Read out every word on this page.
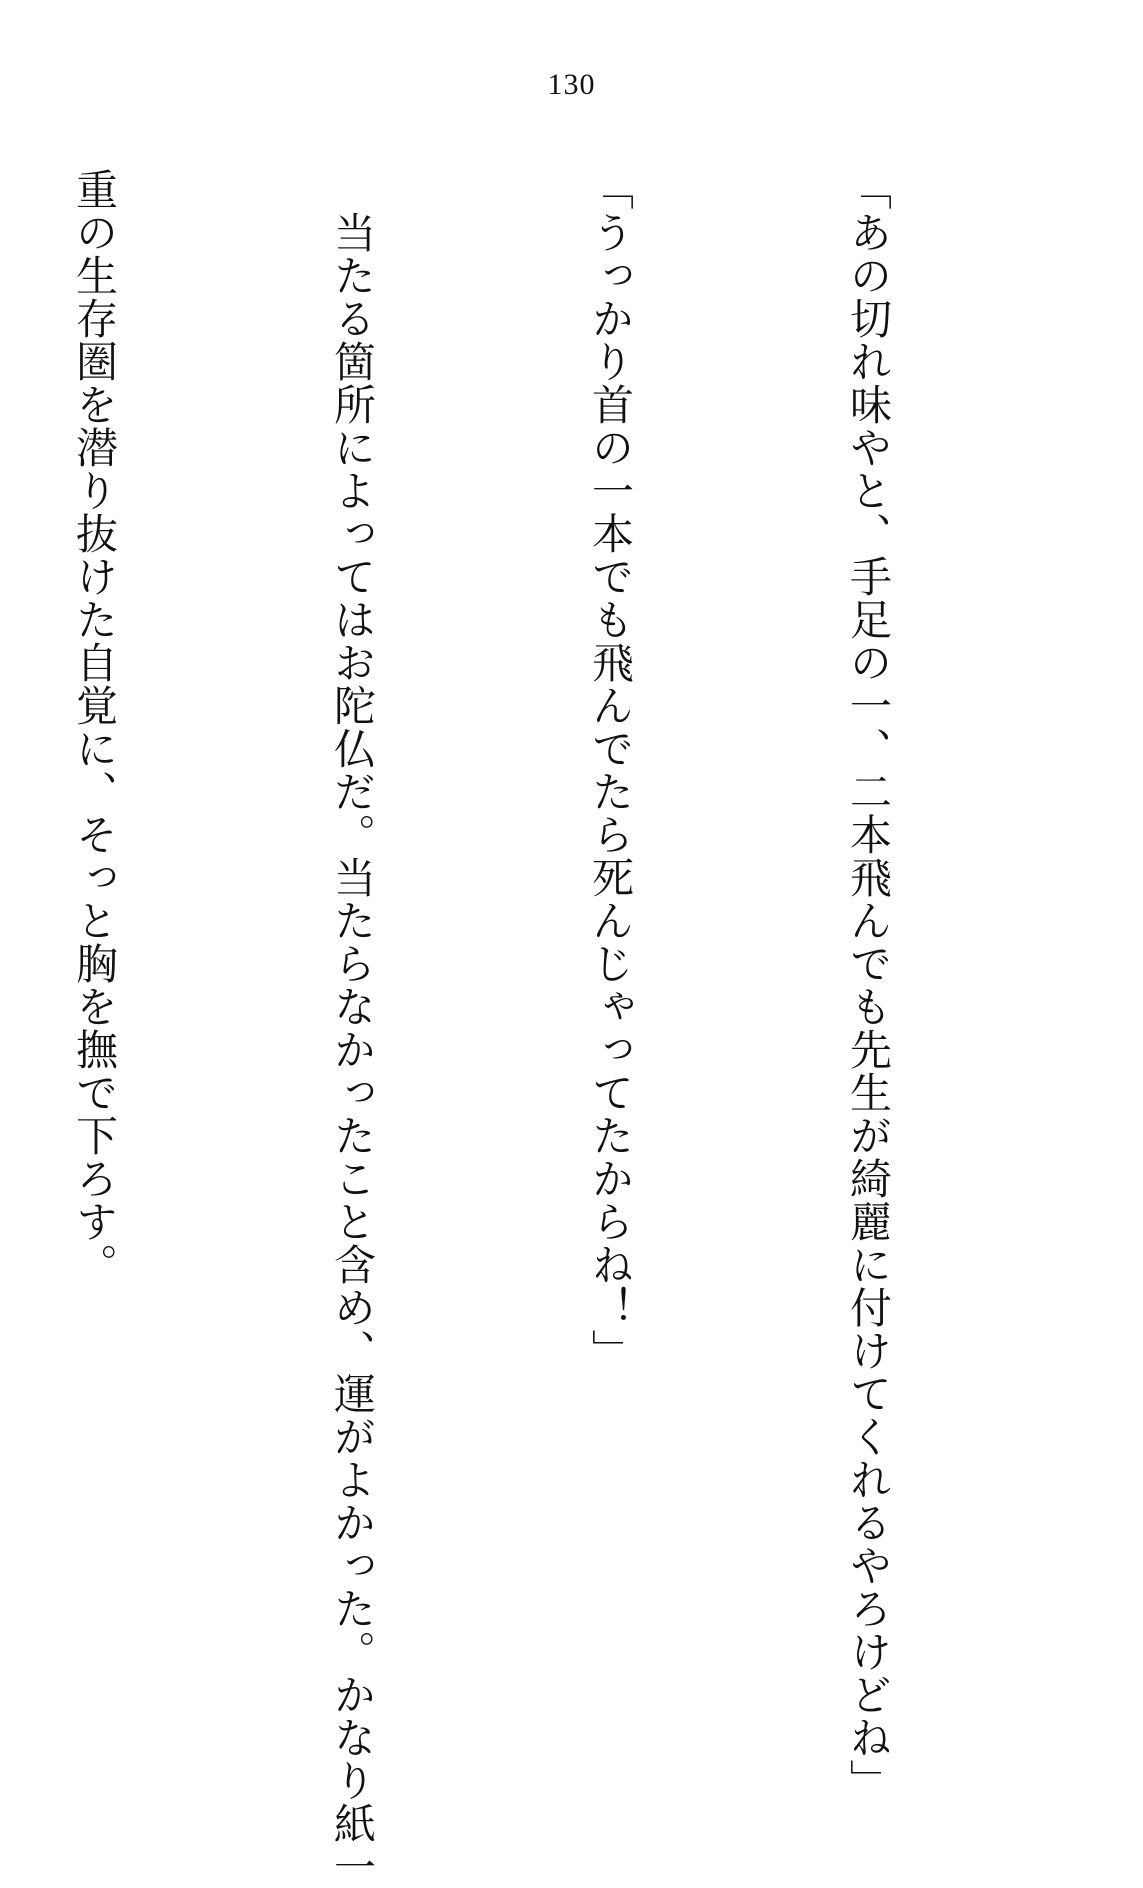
130

「あの切れ味やと、手足の一、二本飛んでも先生が綺麗に付けてくれるやろけどね」

「うっかり首の一本でも飛んでたら死んじゃってたからね！」

　当たる箇所によってはお陀仏だ。当たらなかったこと含め、運がよかった。かなり紙一

重の生存圏を潜り抜けた自覚に、そっと胸を撫で下ろす。
